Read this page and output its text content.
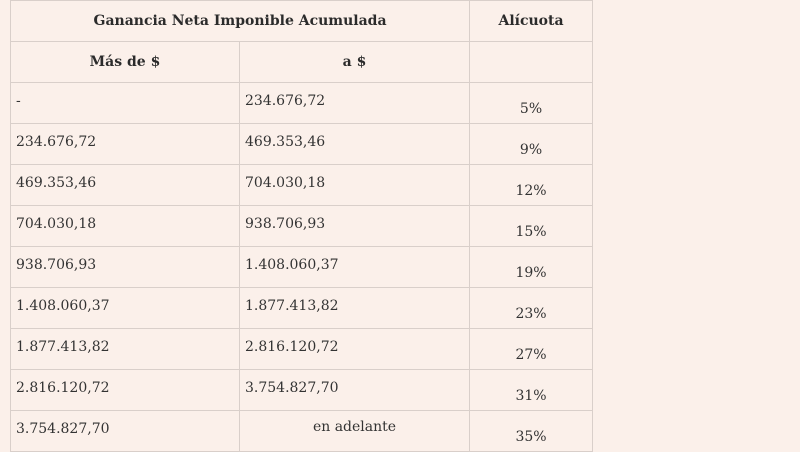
Ganancia Neta Imponible Acumulada		Alícuota
Más de $	a $	
-	234.676,72	5%
234.676,72	469.353,46	9%
469.353,46	704.030,18	12%
704.030,18	938.706,93	15%
938.706,93	1.408.060,37	19%
1.408.060,37	1.877.413,82	23%
1.877.413,82	2.816.120,72	27%
2.816.120,72	3.754.827,70	31%
3.754.827,70	en adelante	35%
